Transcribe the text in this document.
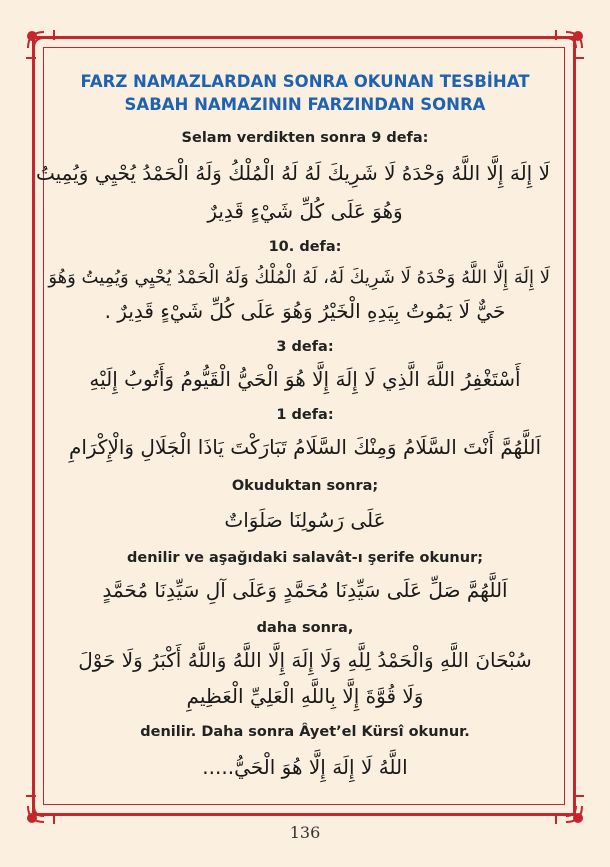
FARZ NAMAZLARDAN SONRA OKUNAN TESBİHAT
SABAH NAMAZININ FARZINDAN SONRA
Selam verdikten sonra 9 defa:
لَا إِلَهَ إِلَّا اللَّهُ وَحْدَهُ لَا شَرِيكَ لَهُ لَهُ الْمُلْكُ وَلَهُ الْحَمْدُ يُحْيِي وَيُمِيتُ
وَهُوَ عَلَى كُلِّ شَيْءٍ قَدِيرٌ
10. defa:
لَا إِلَهَ إِلَّا اللَّهُ وَحْدَهُ لَا شَرِيكَ لَهُ، لَهُ الْمُلْكُ وَلَهُ الْحَمْدُ يُحْيِي وَيُمِيتُ وَهُوَ
حَيٌّ لَا يَمُوتُ بِيَدِهِ الْخَيْرُ وَهُوَ عَلَى كُلِّ شَيْءٍ قَدِيرٌ .
3 defa:
أَسْتَغْفِرُ اللَّهَ الَّذِي لَا إِلَهَ إِلَّا هُوَ الْحَيُّ الْقَيُّومُ وَأَتُوبُ إِلَيْهِ
1 defa:
اَللَّهُمَّ أَنْتَ السَّلَامُ وَمِنْكَ السَّلَامُ تَبَارَكْتَ يَاذَا الْجَلَالِ وَالْإِكْرَامِ
Okuduktan sonra;
عَلَى رَسُولِنَا صَلَوَاتٌ
denilir ve aşağıdaki salavât-ı şerife okunur;
اَللَّهُمَّ صَلِّ عَلَى سَيِّدِنَا مُحَمَّدٍ وَعَلَى آلِ سَيِّدِنَا مُحَمَّدٍ
daha sonra,
سُبْحَانَ اللَّهِ وَالْحَمْدُ لِلَّهِ وَلَا إِلَهَ إِلَّا اللَّهُ وَاللَّهُ أَكْبَرُ وَلَا حَوْلَ
وَلَا قُوَّةَ إِلَّا بِاللَّهِ الْعَلِيِّ الْعَظِيمِ
denilir. Daha sonra Âyet’el Kürsî okunur.
اللَّهُ لَا إِلَهَ إِلَّا هُوَ الْحَيُّ.....
136
